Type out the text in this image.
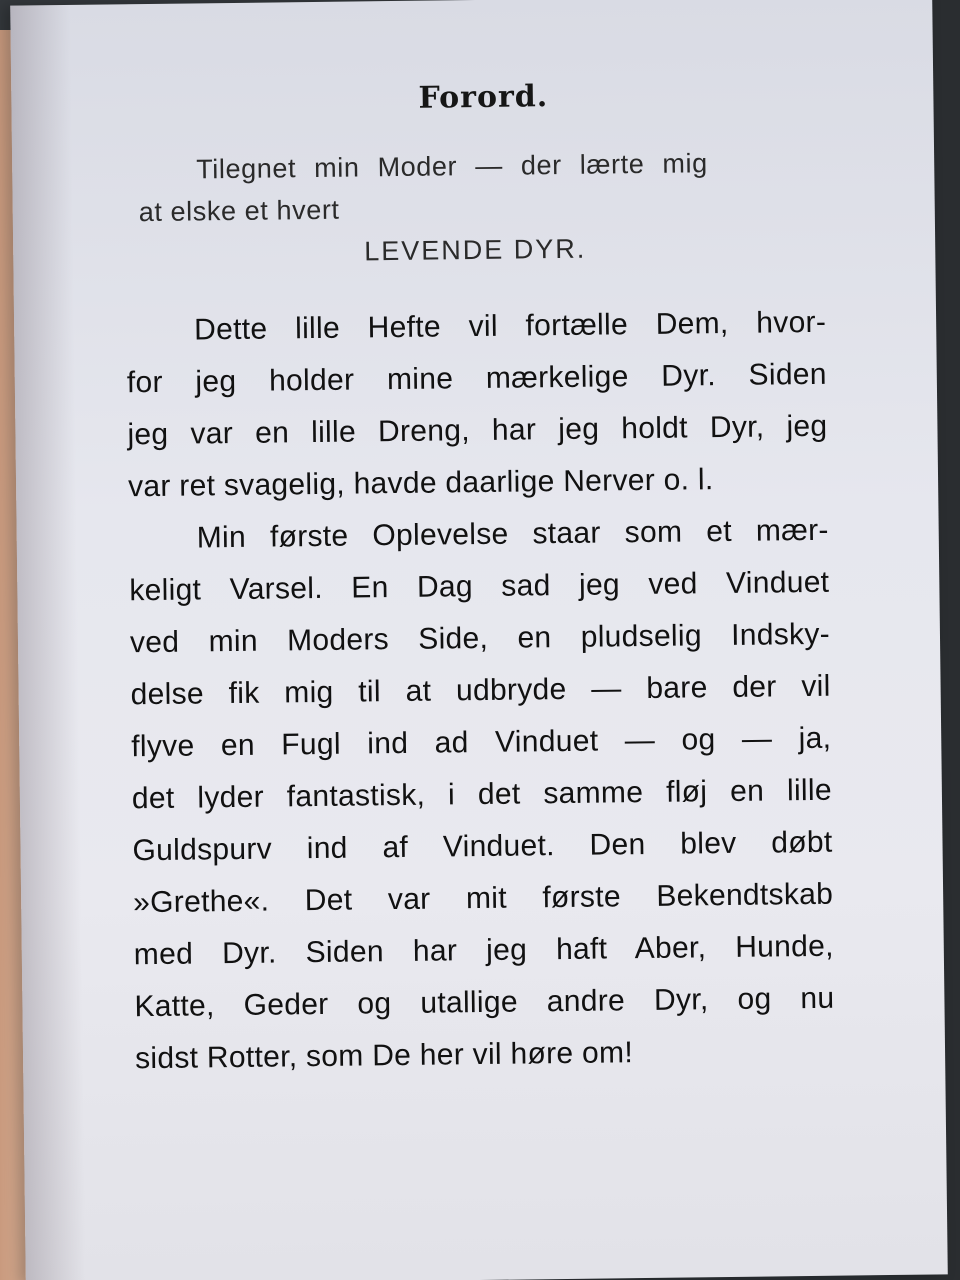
Forord.
Tilegnet min Moder — der lærte mig
at elske et hvert
LEVENDE DYR.

Dette lille Hefte vil fortælle Dem, hvor-
for jeg holder mine mærkelige Dyr. Siden
jeg var en lille Dreng, har jeg holdt Dyr, jeg
var ret svagelig, havde daarlige Nerver o. l.

Min første Oplevelse staar som et mær-
keligt Varsel. En Dag sad jeg ved Vinduet
ved min Moders Side, en pludselig Indsky-
delse fik mig til at udbryde — bare der vil
flyve en Fugl ind ad Vinduet — og — ja,
det lyder fantastisk, i det samme fløj en lille
Guldspurv ind af Vinduet. Den blev døbt
»Grethe«. Det var mit første Bekendtskab
med Dyr. Siden har jeg haft Aber, Hunde,
Katte, Geder og utallige andre Dyr, og nu
sidst Rotter, som De her vil høre om!
